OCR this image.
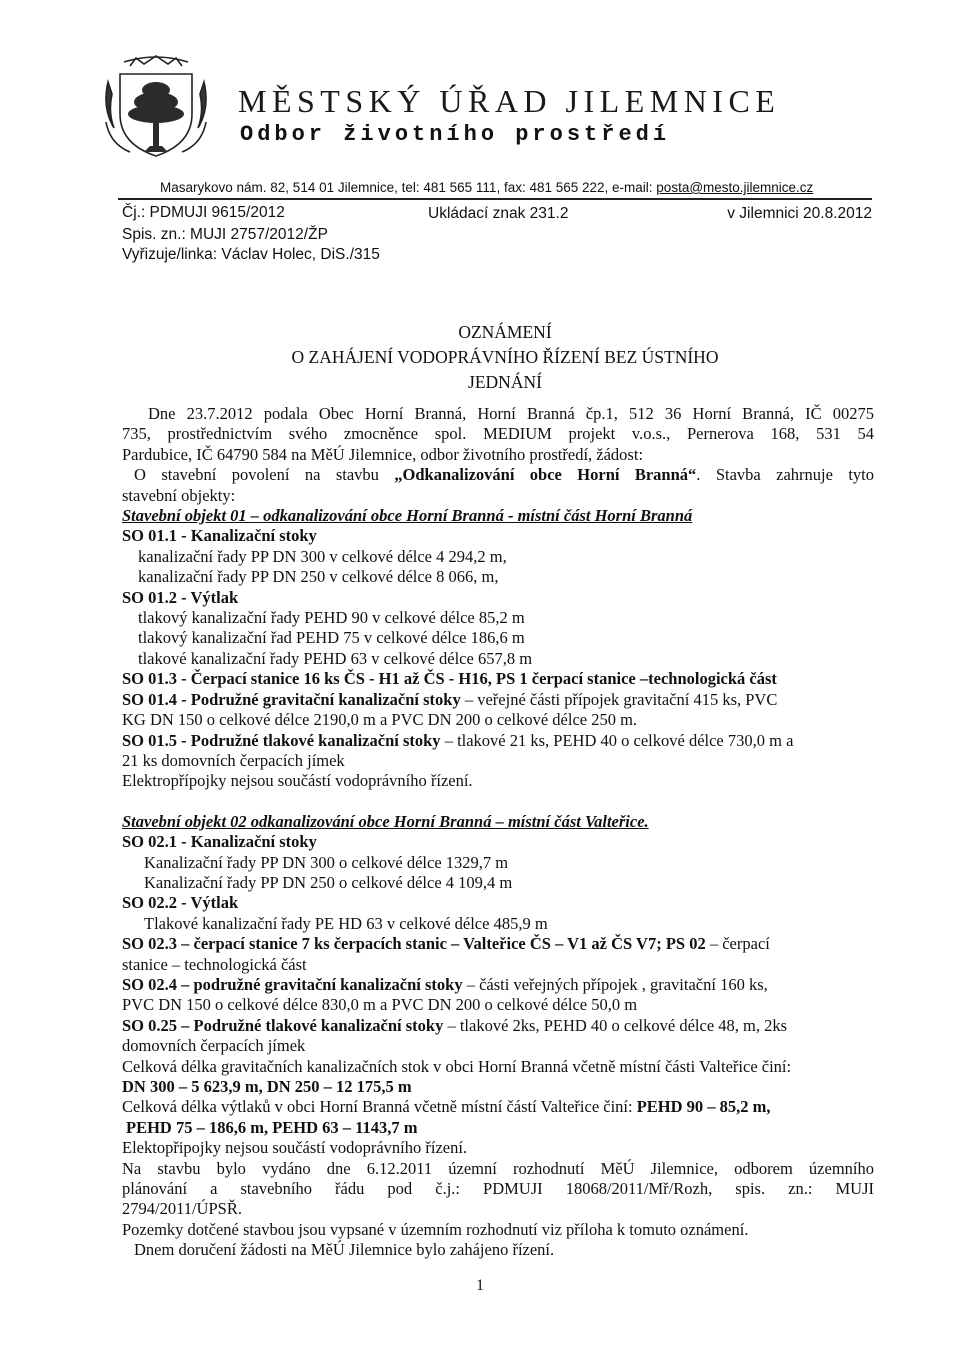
MĚSTSKÝ ÚŘAD JILEMNICE
Odbor životního prostředí
Masarykovo nám. 82, 514 01 Jilemnice, tel: 481 565 111, fax: 481 565 222, e-mail: posta@mesto.jilemnice.cz
Čj.: PDMUJI 9615/2012	Ukládací znak 231.2	v Jilemnici 20.8.2012
Spis. zn.: MUJI 2757/2012/ŽP
Vyřizuje/linka: Václav Holec, DiS./315
OZNÁMENÍ
O ZAHÁJENÍ VODOPRÁVNÍHO ŘÍZENÍ BEZ ÚSTNÍHO
JEDNÁNÍ

Dne 23.7.2012 podala Obec Horní Branná, Horní Branná čp.1, 512 36 Horní Branná, IČ 00275

735, prostřednictvím svého zmocněnce spol. MEDIUM projekt v.o.s., Pernerova 168, 531 54

Pardubice, IČ 64790 584 na MěÚ Jilemnice, odbor životního prostředí, žádost:

O stavební povolení na stavbu „Odkanalizování obce Horní Branná“. Stavba zahrnuje tyto

stavební objekty:

Stavební objekt 01 – odkanalizování obce Horní Branná - místní část Horní Branná

SO 01.1 - Kanalizační stoky

kanalizační řady PP DN 300 v celkové délce 4 294,2 m,

kanalizační řady PP DN 250 v celkové délce 8 066, m,

SO 01.2 - Výtlak

tlakový kanalizační řady PEHD 90 v celkové délce 85,2 m

tlakový kanalizační řad PEHD 75 v celkové délce 186,6 m

tlakové kanalizační řady PEHD 63 v celkové délce 657,8 m

SO 01.3 - Čerpací stanice 16 ks ČS - H1 až ČS - H16, PS 1 čerpací stanice –technologická část

SO 01.4 - Podružné gravitační kanalizační stoky – veřejné části přípojek gravitační 415 ks, PVC

KG DN 150 o celkové délce 2190,0 m a PVC DN 200 o celkové délce 250 m.

SO 01.5 - Podružné tlakové kanalizační stoky – tlakové 21 ks, PEHD 40 o celkové délce 730,0 m a

21 ks domovních čerpacích jímek

Elektropřípojky nejsou součástí vodoprávního řízení.

Stavební objekt 02 odkanalizování obce Horní Branná – místní část Valteřice.

SO 02.1 - Kanalizační stoky

Kanalizační řady PP DN 300 o celkové délce 1329,7 m

Kanalizační řady PP DN 250 o celkové délce 4 109,4 m

SO 02.2 - Výtlak

Tlakové kanalizační řady PE HD 63 v celkové délce 485,9 m

SO 02.3 – čerpací stanice 7 ks čerpacích stanic – Valteřice ČS – V1 až ČS V7; PS 02 – čerpací

stanice – technologická část

SO 02.4 – podružné gravitační kanalizační stoky – části veřejných přípojek , gravitační 160 ks,

PVC DN 150 o celkové délce 830,0 m a PVC DN 200 o celkové délce 50,0 m

SO 0.25 – Podružné tlakové kanalizační stoky – tlakové 2ks, PEHD 40 o celkové délce 48, m, 2ks

domovních čerpacích jímek

Celková délka gravitačních kanalizačních stok v obci Horní Branná včetně místní části Valteřice činí:

DN 300 – 5 623,9 m, DN 250 – 12 175,5 m

Celková délka výtlaků v obci Horní Branná včetně místní částí Valteřice činí: PEHD 90 – 85,2 m,

PEHD 75 – 186,6 m, PEHD 63 – 1143,7 m

Elektopřipojky nejsou součástí vodoprávního řízení.

Na stavbu bylo vydáno dne 6.12.2011 územní rozhodnutí MěÚ Jilemnice, odborem územního

plánování a stavebního řádu pod č.j.: PDMUJI 18068/2011/Mř/Rozh, spis. zn.: MUJI

2794/2011/ÚPSŘ.

Pozemky dotčené stavbou jsou vypsané v územním rozhodnutí viz příloha k tomuto oznámení.

Dnem doručení žádosti na MěÚ Jilemnice bylo zahájeno řízení.

1
